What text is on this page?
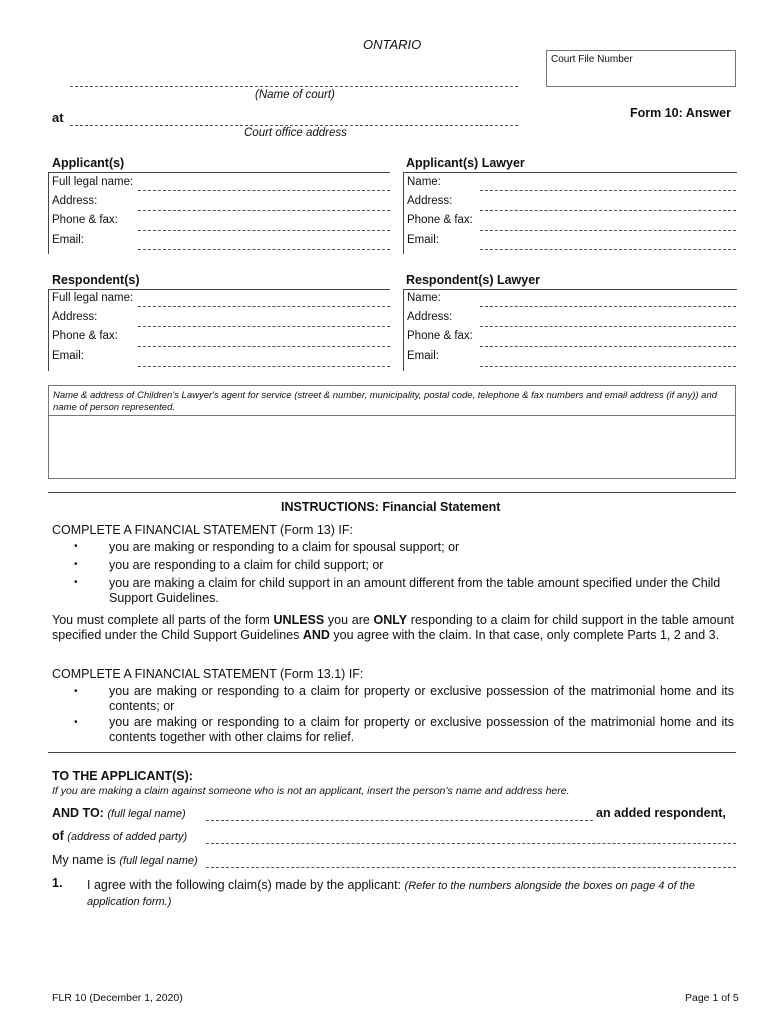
ONTARIO
Court File Number
(Name of court)
at
Court office address
Form 10: Answer
Applicant(s)	Applicant(s) Lawyer
Full legal name:
Address:
Phone & fax:
Email:
Name:
Address:
Phone & fax:
Email:
Respondent(s)	Respondent(s) Lawyer
Full legal name:
Address:
Phone & fax:
Email:
Name:
Address:
Phone & fax:
Email:
Name & address of Children's Lawyer's agent for service (street & number, municipality, postal code, telephone & fax numbers and email address (if any)) and name of person represented.
INSTRUCTIONS: Financial Statement
COMPLETE A FINANCIAL STATEMENT (Form 13) IF:
•	you are making or responding to a claim for spousal support; or
•	you are responding to a claim for child support; or
•	you are making a claim for child support in an amount different from the table amount specified under the Child Support Guidelines.
You must complete all parts of the form UNLESS you are ONLY responding to a claim for child support in the table amount specified under the Child Support Guidelines AND you agree with the claim. In that case, only complete Parts 1, 2 and 3.
COMPLETE A FINANCIAL STATEMENT (Form 13.1) IF:
•	you are making or responding to a claim for property or exclusive possession of the matrimonial home and its contents; or
•	you are making or responding to a claim for property or exclusive possession of the matrimonial home and its contents together with other claims for relief.
TO THE APPLICANT(S):
If you are making a claim against someone who is not an applicant, insert the person’s name and address here.
AND TO: (full legal name)	an added respondent,
of (address of added party)
My name is (full legal name)
1. I agree with the following claim(s) made by the applicant: (Refer to the numbers alongside the boxes on page 4 of the application form.)
FLR 10 (December 1, 2020)	Page 1 of 5
